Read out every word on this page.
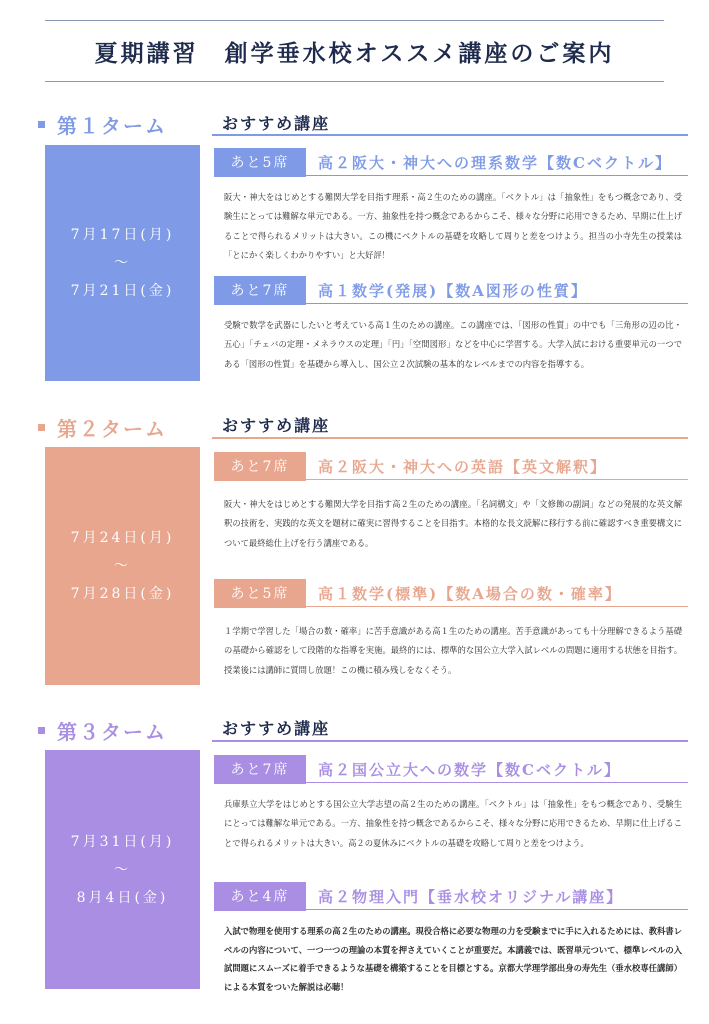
夏期講習　創学垂水校オススメ講座のご案内
第１ターム	おすすめ講座
7月17日(月)
～
7月21日(金)
あと5席	高２阪大・神大への理系数学【数Cベクトル】
阪大・神大をはじめとする難関大学を目指す理系・高２生のための講座。「ベクトル」は「抽象性」をもつ概念であり、受験生にとっては難解な単元である。一方、抽象性を持つ概念であるからこそ、様々な分野に応用できるため、早期に仕上げることで得られるメリットは大きい。この機にベクトルの基礎を攻略して周りと差をつけよう。担当の小寺先生の授業は「とにかく楽しくわかりやすい」と大好評！
あと7席	高１数学(発展)【数A図形の性質】
受験で数学を武器にしたいと考えている高１生のための講座。この講座では、「図形の性質」の中でも「三角形の辺の比・五心」「チェバの定理・メネラウスの定理」「円」「空間図形」などを中心に学習する。大学入試における重要単元の一つである「図形の性質」を基礎から導入し、国公立２次試験の基本的なレベルまでの内容を指導する。
第２ターム	おすすめ講座
7月24日(月)
～
7月28日(金)
あと7席	高２阪大・神大への英語【英文解釈】
阪大・神大をはじめとする難関大学を目指す高２生のための講座。「名詞構文」や「文修飾の副詞」などの発展的な英文解釈の技術を、実践的な英文を題材に確実に習得することを目指す。本格的な長文読解に移行する前に確認すべき重要構文について最終総仕上げを行う講座である。
あと5席	高１数学(標準)【数A場合の数・確率】
１学期で学習した「場合の数・確率」に苦手意識がある高１生のための講座。苦手意識があっても十分理解できるよう基礎の基礎から確認をして段階的な指導を実施。最終的には、標準的な国公立大学入試レベルの問題に適用する状態を目指す。授業後には講師に質問し放題！この機に積み残しをなくそう。
第３ターム	おすすめ講座
7月31日(月)
～
8月4日(金)
あと7席	高２国公立大への数学【数Cベクトル】
兵庫県立大学をはじめとする国公立大学志望の高２生のための講座。「ベクトル」は「抽象性」をもつ概念であり、受験生にとっては難解な単元である。一方、抽象性を持つ概念であるからこそ、様々な分野に応用できるため、早期に仕上げることで得られるメリットは大きい。高２の夏休みにベクトルの基礎を攻略して周りと差をつけよう。
あと4席	高２物理入門【垂水校オリジナル講座】
入試で物理を使用する理系の高２生のための講座。現役合格に必要な物理の力を受験までに手に入れるためには、教科書レベルの内容について、一つ一つの理論の本質を押さえていくことが重要だ。本講義では、既習単元ついて、標準レベルの入試問題にスムーズに着手できるような基礎を構築することを目標とする。京都大学理学部出身の寿先生（垂水校専任講師）による本質をついた解説は必聴！
